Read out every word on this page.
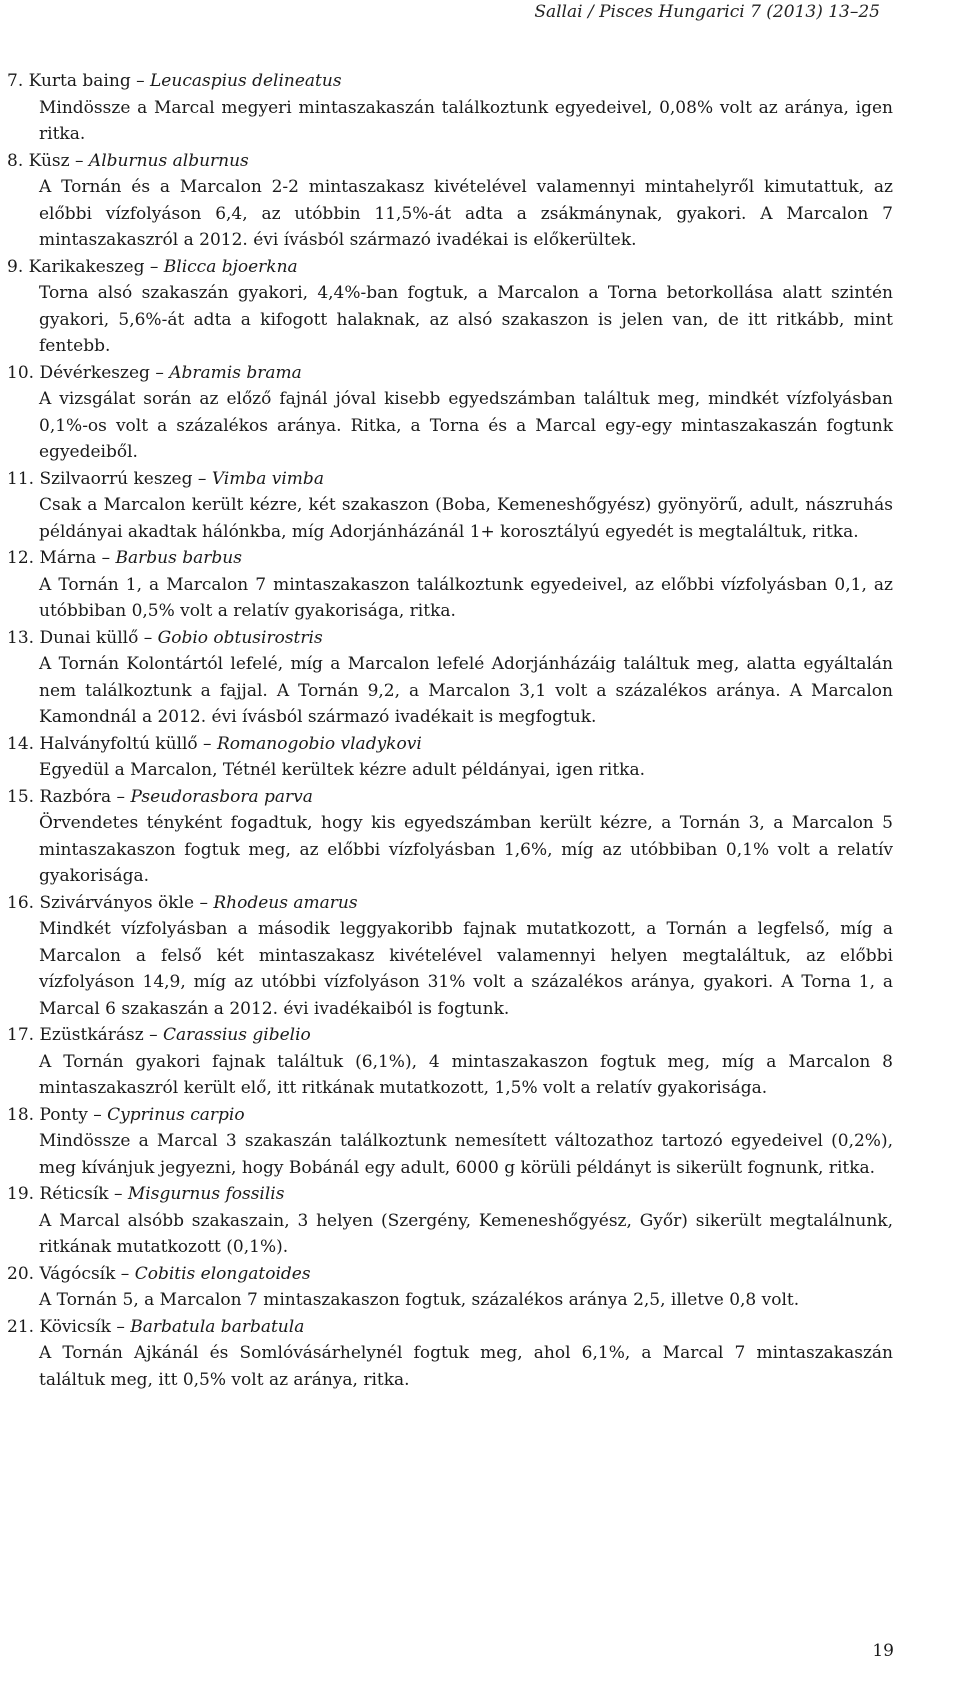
Sallai / Pisces Hungarici 7 (2013) 13–25
7. Kurta baing – Leucaspius delineatus
Mindössze a Marcal megyeri mintaszakaszán találkoztunk egyedeivel, 0,08% volt az aránya, igen ritka.
8. Küsz – Alburnus alburnus
A Tornán és a Marcalon 2-2 mintaszakasz kivételével valamennyi mintahelyről kimutattuk, az előbbi vízfolyáson 6,4, az utóbbin 11,5%-át adta a zsákmánynak, gyakori. A Marcalon 7 mintaszakaszról a 2012. évi ívásból származó ivadékai is előkerültek.
9. Karikakeszeg – Blicca bjoerkna
Torna alsó szakaszán gyakori, 4,4%-ban fogtuk, a Marcalon a Torna betorkollása alatt szintén gyakori, 5,6%-át adta a kifogott halaknak, az alsó szakaszon is jelen van, de itt ritkább, mint fentebb.
10. Dévérkeszeg – Abramis brama
A vizsgálat során az előző fajnál jóval kisebb egyedszámban találtuk meg, mindkét vízfolyásban 0,1%-os volt a százalékos aránya. Ritka, a Torna és a Marcal egy-egy mintaszakaszán fogtunk egyedeiből.
11. Szilvaorrú keszeg – Vimba vimba
Csak a Marcalon került kézre, két szakaszon (Boba, Kemeneshőgyész) gyönyörű, adult, nászruhás példányai akadtak hálónkba, míg Adorjánházánál 1+ korosztályú egyedét is megtaláltuk, ritka.
12. Márna – Barbus barbus
A Tornán 1, a Marcalon 7 mintaszakaszon találkoztunk egyedeivel, az előbbi vízfolyásban 0,1, az utóbbiban 0,5% volt a relatív gyakorisága, ritka.
13. Dunai küllő – Gobio obtusirostris
A Tornán Kolontártól lefelé, míg a Marcalon lefelé Adorjánházáig találtuk meg, alatta egyáltalán nem találkoztunk a fajjal. A Tornán 9,2, a Marcalon 3,1 volt a százalékos aránya. A Marcalon Kamondnál a 2012. évi ívásból származó ivadékait is megfogtuk.
14. Halványfoltú küllő – Romanogobio vladykovi
Egyedül a Marcalon, Tétnél kerültek kézre adult példányai, igen ritka.
15. Razbóra – Pseudorasbora parva
Örvendetes tényként fogadtuk, hogy kis egyedszámban került kézre, a Tornán 3, a Marcalon 5 mintaszakaszon fogtuk meg, az előbbi vízfolyásban 1,6%, míg az utóbbiban 0,1% volt a relatív gyakorisága.
16. Szivárványos ökle – Rhodeus amarus
Mindkét vízfolyásban a második leggyakoribb fajnak mutatkozott, a Tornán a legfelső, míg a Marcalon a felső két mintaszakasz kivételével valamennyi helyen megtaláltuk, az előbbi vízfolyáson 14,9, míg az utóbbi vízfolyáson 31% volt a százalékos aránya, gyakori. A Torna 1, a Marcal 6 szakaszán a 2012. évi ivadékaiból is fogtunk.
17. Ezüstkárász – Carassius gibelio
A Tornán gyakori fajnak találtuk (6,1%), 4 mintaszakaszon fogtuk meg, míg a Marcalon 8 mintaszakaszról került elő, itt ritkának mutatkozott, 1,5% volt a relatív gyakorisága.
18. Ponty – Cyprinus carpio
Mindössze a Marcal 3 szakaszán találkoztunk nemesített változathoz tartozó egyedeivel (0,2%), meg kívánjuk jegyezni, hogy Bobánál egy adult, 6000 g körüli példányt is sikerült fognunk, ritka.
19. Réticsík – Misgurnus fossilis
A Marcal alsóbb szakaszain, 3 helyen (Szergény, Kemeneshőgyész, Győr) sikerült megtalálnunk, ritkának mutatkozott (0,1%).
20. Vágócsík – Cobitis elongatoides
A Tornán 5, a Marcalon 7 mintaszakaszon fogtuk, százalékos aránya 2,5, illetve 0,8 volt.
21. Kövicsík – Barbatula barbatula
A Tornán Ajkánál és Somlóvásárhelynél fogtuk meg, ahol 6,1%, a Marcal 7 mintaszakaszán találtuk meg, itt 0,5% volt az aránya, ritka.
19
